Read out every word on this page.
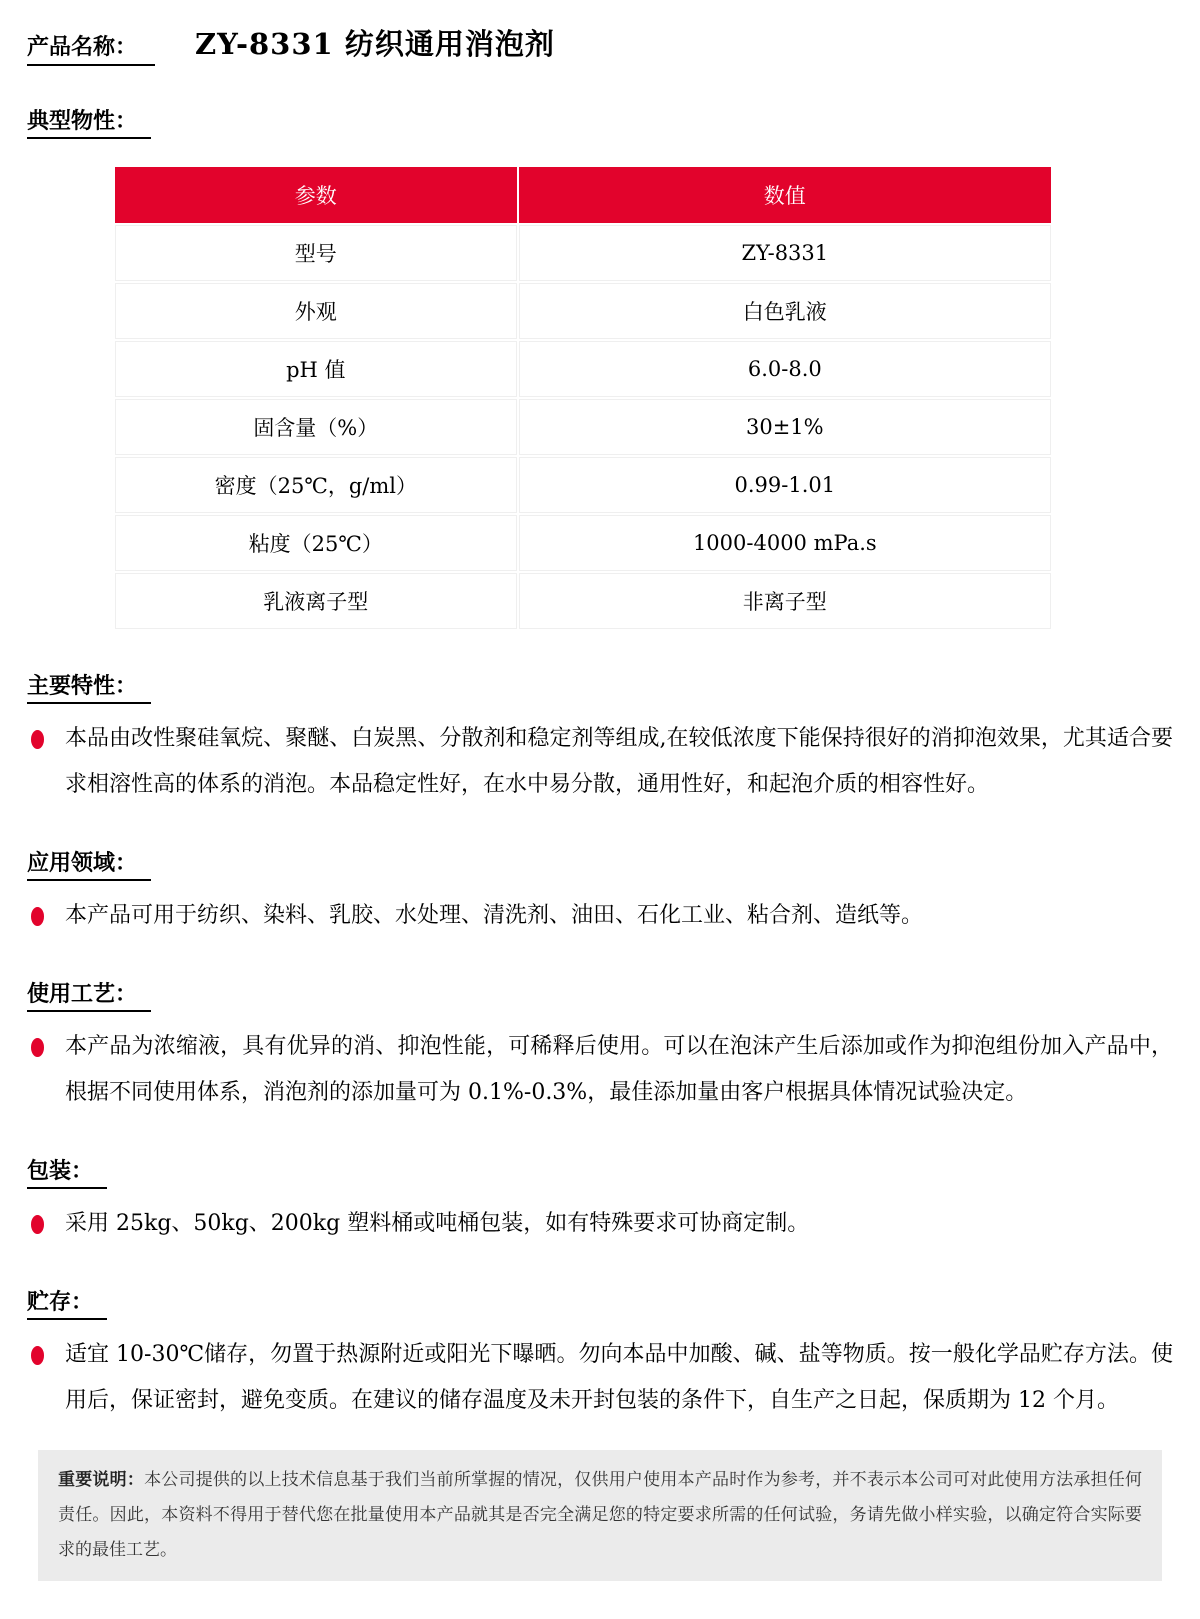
产品名称：	ZY-8331 纺织通用消泡剂
典型物性：
参数	数值
型号	ZY-8331
外观	白色乳液
pH 值	6.0-8.0
固含量（%）	30±1%
密度（25℃，g/ml）	0.99-1.01
粘度（25℃）	1000-4000 mPa.s
乳液离子型	非离子型
主要特性：

本品由改性聚硅氧烷、聚醚、白炭黑、分散剂和稳定剂等组成,在较低浓度下能保持很好的消抑泡效果，尤其适合要求相溶性高的体系的消泡。本品稳定性好，在水中易分散，通用性好，和起泡介质的相容性好。

应用领域：

本产品可用于纺织、染料、乳胶、水处理、清洗剂、油田、石化工业、粘合剂、造纸等。

使用工艺：

本产品为浓缩液，具有优异的消、抑泡性能，可稀释后使用。可以在泡沫产生后添加或作为抑泡组份加入产品中，根据不同使用体系，消泡剂的添加量可为 0.1%-0.3%，最佳添加量由客户根据具体情况试验决定。

包装：

采用 25kg、50kg、200kg 塑料桶或吨桶包装，如有特殊要求可协商定制。

贮存：

适宜 10-30℃储存，勿置于热源附近或阳光下曝晒。勿向本品中加酸、碱、盐等物质。按一般化学品贮存方法。使用后，保证密封，避免变质。在建议的储存温度及未开封包装的条件下，自生产之日起，保质期为 12 个月。

重要说明：本公司提供的以上技术信息基于我们当前所掌握的情况，仅供用户使用本产品时作为参考，并不表示本公司可对此使用方法承担任何责任。因此，本资料不得用于替代您在批量使用本产品就其是否完全满足您的特定要求所需的任何试验，务请先做小样实验，以确定符合实际要求的最佳工艺。
